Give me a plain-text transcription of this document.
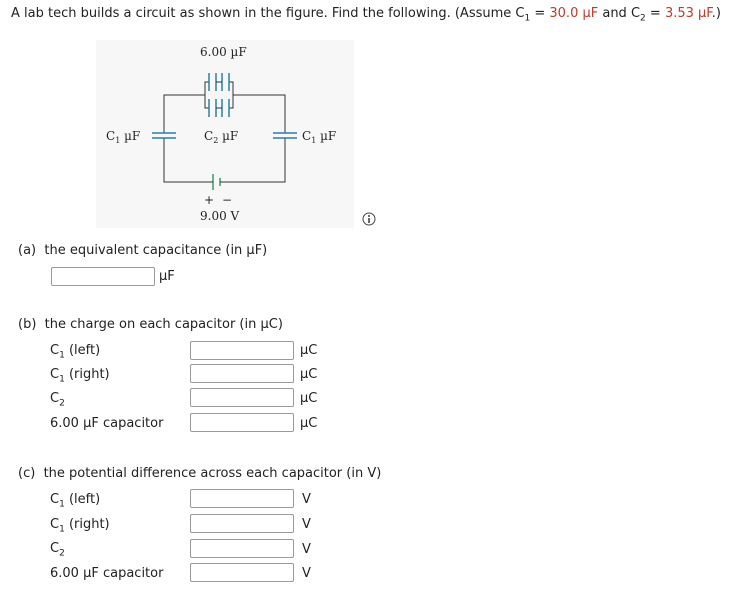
A lab tech builds a circuit as shown in the figure. Find the following. (Assume $C_1 = 30.0$ µF and $C_2 = 3.53$ µF.)
6.00 µF
$C_1$ µF	$C_2$ µF	$C_1$ µF
+ −
9.00 V
(a) the equivalent capacitance (in µF)
µF
(b) the charge on each capacitor (in µC)
$C_1$ (left)	µC
$C_1$ (right)	µC
$C_2$	µC
6.00 µF capacitor	µC
(c) the potential difference across each capacitor (in V)
$C_1$ (left)	V
$C_1$ (right)	V
$C_2$	V
6.00 µF capacitor	V
